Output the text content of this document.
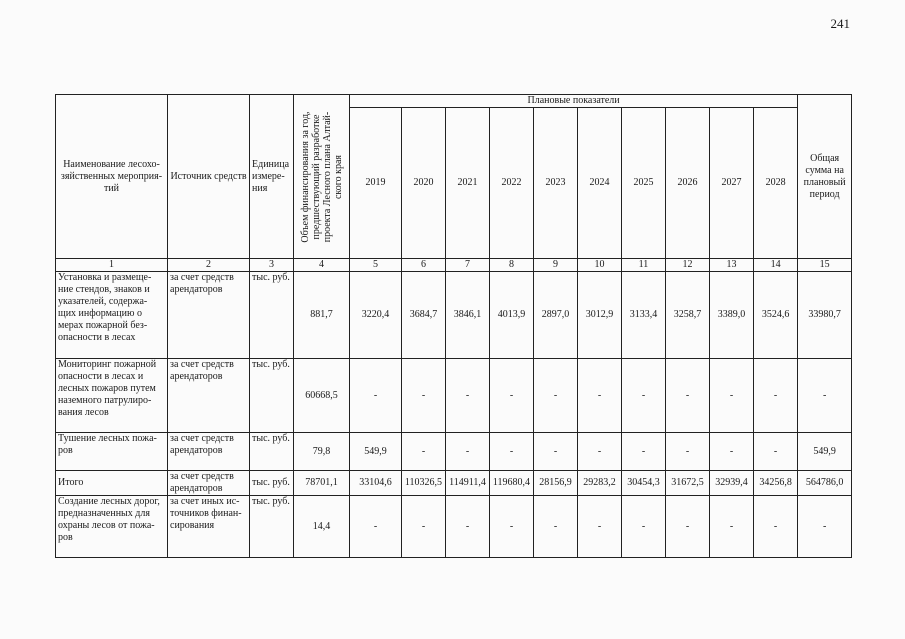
241
Наименование лесохо-зяйственных мероприя-тий	Источник средств	Единица измере-ния	Объем финансирования за год, предшествующий разработке проекта Лесного плана Алтай-ского края	Плановые показатели										Общая сумма на плановый период
				2019	2020	2021	2022	2023	2024	2025	2026	2027	2028	
1	2	3	4	5	6	7	8	9	10	11	12	13	14	15
Установка и размеще-ние стендов, знаков и указателей, содержа-щих информацию о мерах пожарной без-опасности в лесах	за счет средств арендаторов	тыс. руб.	881,7	3220,4	3684,7	3846,1	4013,9	2897,0	3012,9	3133,4	3258,7	3389,0	3524,6	33980,7
Мониторинг пожарной опасности в лесах и лесных пожаров путем наземного патрулиро-вания лесов	за счет средств арендаторов	тыс. руб.	60668,5	-	-	-	-	-	-	-	-	-	-	-
Тушение лесных пожа-ров	за счет средств арендаторов	тыс. руб.	79,8	549,9	-	-	-	-	-	-	-	-	-	549,9
Итого	за счет средств арендаторов	тыс. руб.	78701,1	33104,6	110326,5	114911,4	119680,4	28156,9	29283,2	30454,3	31672,5	32939,4	34256,8	564786,0
Создание лесных дорог, предназначенных для охраны лесов от пожа-ров	за счет иных ис-точников финан-сирования	тыс. руб.	14,4	-	-	-	-	-	-	-	-	-	-	-
